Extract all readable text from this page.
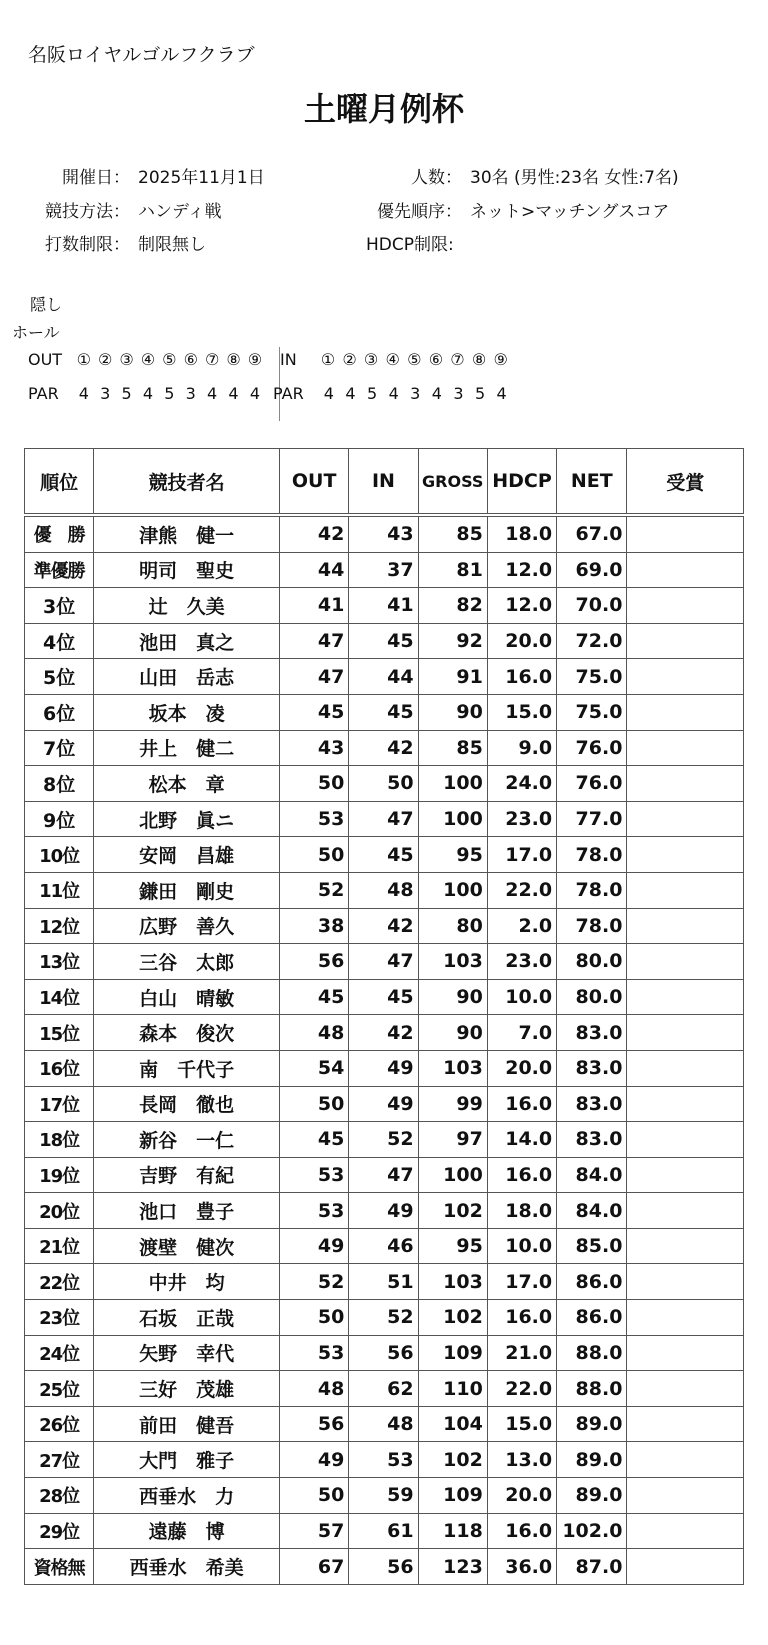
名阪ロイヤルゴルフクラブ
土曜月例杯
開催日： 2025年11月1日
競技方法： ハンディ戦
打数制限： 制限無し
人数： 30名 (男性:23名 女性:7名)
優先順序： ネット>マッチングスコア
HDCP制限:
隠し
ホール
OUT ① ② ③ ④ ⑤ ⑥ ⑦ ⑧ ⑨
PAR 4 3 5 4 5 3 4 4 4
IN ① ② ③ ④ ⑤ ⑥ ⑦ ⑧ ⑨
PAR 4 4 5 4 3 4 3 5 4
順位	競技者名	OUT	IN	GROSS	HDCP	NET	受賞
優　勝	津熊　健一	42	43	85	18.0	67.0	
準優勝	明司　聖史	44	37	81	12.0	69.0	
3位	辻　久美	41	41	82	12.0	70.0	
4位	池田　真之	47	45	92	20.0	72.0	
5位	山田　岳志	47	44	91	16.0	75.0	
6位	坂本　凌	45	45	90	15.0	75.0	
7位	井上　健二	43	42	85	9.0	76.0	
8位	松本　章	50	50	100	24.0	76.0	
9位	北野　眞ニ	53	47	100	23.0	77.0	
10位	安岡　昌雄	50	45	95	17.0	78.0	
11位	鎌田　剛史	52	48	100	22.0	78.0	
12位	広野　善久	38	42	80	2.0	78.0	
13位	三谷　太郎	56	47	103	23.0	80.0	
14位	白山　晴敏	45	45	90	10.0	80.0	
15位	森本　俊次	48	42	90	7.0	83.0	
16位	南　千代子	54	49	103	20.0	83.0	
17位	長岡　徹也	50	49	99	16.0	83.0	
18位	新谷　一仁	45	52	97	14.0	83.0	
19位	吉野　有紀	53	47	100	16.0	84.0	
20位	池口　豊子	53	49	102	18.0	84.0	
21位	渡壁　健次	49	46	95	10.0	85.0	
22位	中井　均	52	51	103	17.0	86.0	
23位	石坂　正哉	50	52	102	16.0	86.0	
24位	矢野　幸代	53	56	109	21.0	88.0	
25位	三好　茂雄	48	62	110	22.0	88.0	
26位	前田　健吾	56	48	104	15.0	89.0	
27位	大門　雅子	49	53	102	13.0	89.0	
28位	西垂水　力	50	59	109	20.0	89.0	
29位	遠藤　博	57	61	118	16.0	102.0	
資格無	西垂水　希美	67	56	123	36.0	87.0	
